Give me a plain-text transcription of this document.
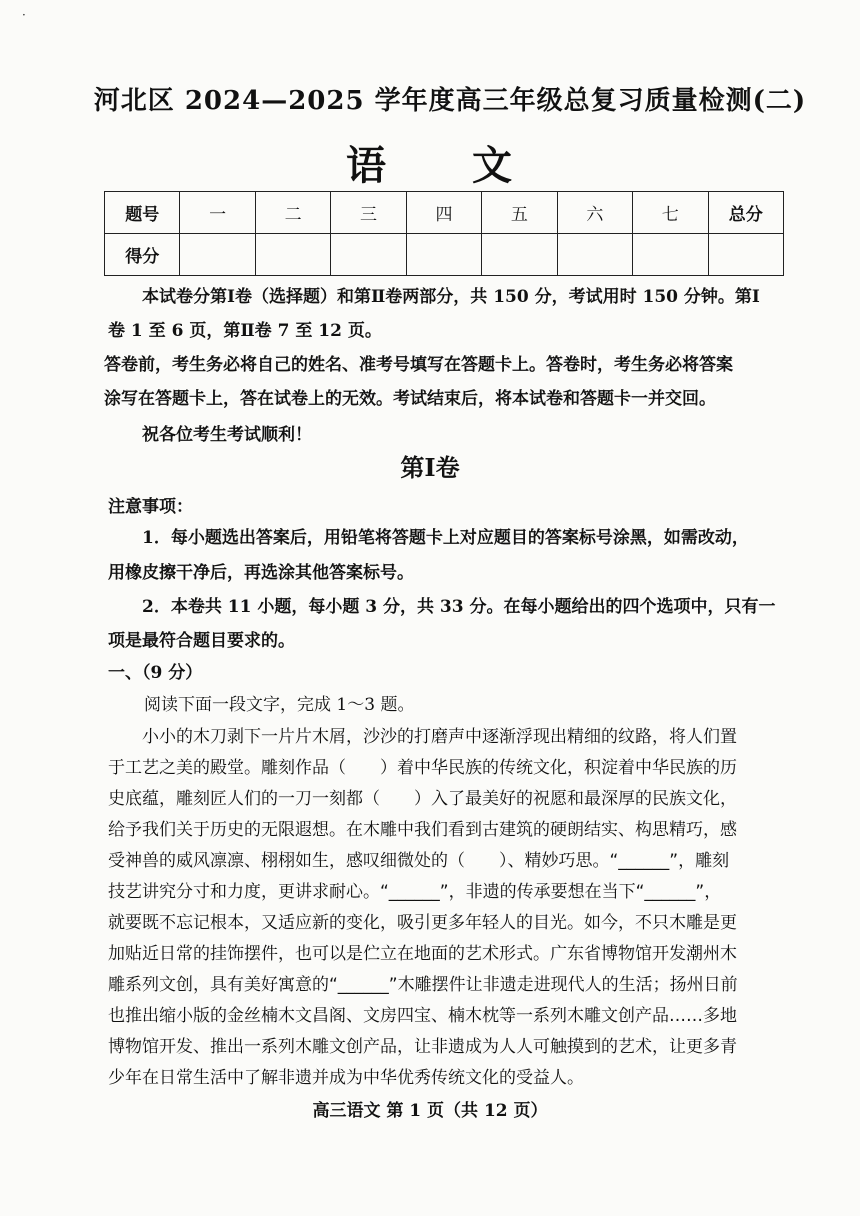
·
河北区 2024—2025 学年度高三年级总复习质量检测(二)
语　　文
题号	一	二	三	四	五	六	七	总分
得分								
　　本试卷分第Ⅰ卷（选择题）和第Ⅱ卷两部分，共 150 分，考试用时 150 分钟。第Ⅰ
卷 1 至 6 页，第Ⅱ卷 7 至 12 页。
答卷前，考生务必将自己的姓名、准考号填写在答题卡上。答卷时，考生务必将答案
涂写在答题卡上，答在试卷上的无效。考试结束后，将本试卷和答题卡一并交回。
　　祝各位考生考试顺利！
第Ⅰ卷
注意事项：
　　1．每小题选出答案后，用铅笔将答题卡上对应题目的答案标号涂黑，如需改动，
用橡皮擦干净后，再选涂其他答案标号。
　　2．本卷共 11 小题，每小题 3 分，共 33 分。在每小题给出的四个选项中，只有一
项是最符合题目要求的。
一、（9 分）
阅读下面一段文字，完成 1～3 题。
　　小小的木刀剥下一片片木屑，沙沙的打磨声中逐渐浮现出精细的纹路，将人们置
于工艺之美的殿堂。雕刻作品（　　）着中华民族的传统文化，积淀着中华民族的历
史底蕴，雕刻匠人们的一刀一刻都（　　）入了最美好的祝愿和最深厚的民族文化，
给予我们关于历史的无限遐想。在木雕中我们看到古建筑的硬朗结实、构思精巧，感
受神兽的威风凛凛、栩栩如生，感叹细微处的（　　）、精妙巧思。“______”，雕刻
技艺讲究分寸和力度，更讲求耐心。“______”，非遗的传承要想在当下“______”，
就要既不忘记根本，又适应新的变化，吸引更多年轻人的目光。如今，不只木雕是更
加贴近日常的挂饰摆件，也可以是伫立在地面的艺术形式。广东省博物馆开发潮州木
雕系列文创，具有美好寓意的“______”木雕摆件让非遗走进现代人的生活；扬州日前
也推出缩小版的金丝楠木文昌阁、文房四宝、楠木枕等一系列木雕文创产品……多地
博物馆开发、推出一系列木雕文创产品，让非遗成为人人可触摸到的艺术，让更多青
少年在日常生活中了解非遗并成为中华优秀传统文化的受益人。
高三语文 第 1 页（共 12 页）
